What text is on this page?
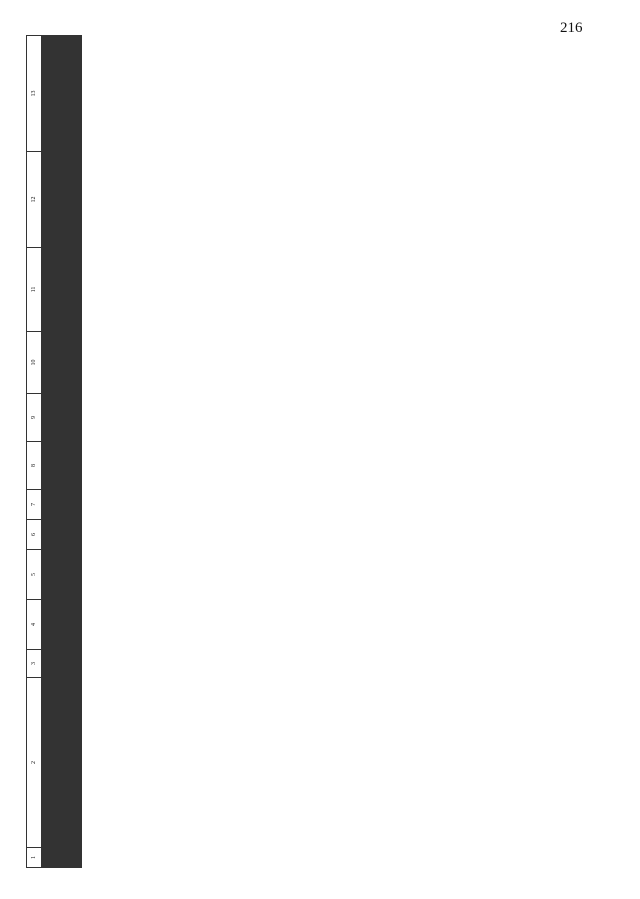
216
1	2	3	4	5	6	7	8	9	10	11	12	13
